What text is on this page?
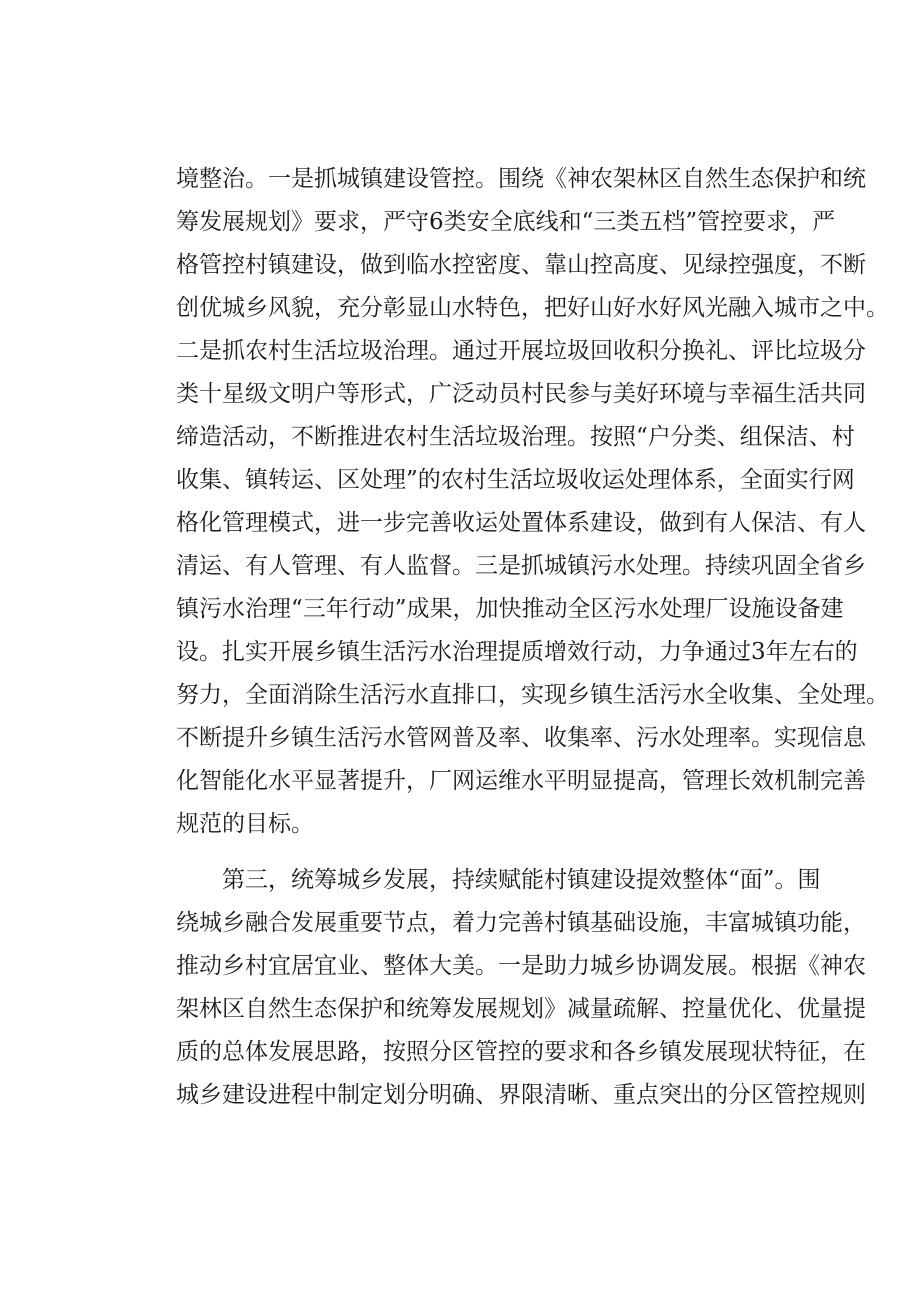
境整治。一是抓城镇建设管控。围绕《神农架林区自然生态保护和统
筹发展规划》要求，严守6类安全底线和“三类五档”管控要求，严
格管控村镇建设，做到临水控密度、靠山控高度、见绿控强度，不断
创优城乡风貌，充分彰显山水特色，把好山好水好风光融入城市之中。
二是抓农村生活垃圾治理。通过开展垃圾回收积分换礼、评比垃圾分
类十星级文明户等形式，广泛动员村民参与美好环境与幸福生活共同
缔造活动，不断推进农村生活垃圾治理。按照“户分类、组保洁、村
收集、镇转运、区处理”的农村生活垃圾收运处理体系，全面实行网
格化管理模式，进一步完善收运处置体系建设，做到有人保洁、有人
清运、有人管理、有人监督。三是抓城镇污水处理。持续巩固全省乡
镇污水治理“三年行动”成果，加快推动全区污水处理厂设施设备建
设。扎实开展乡镇生活污水治理提质增效行动，力争通过3年左右的
努力，全面消除生活污水直排口，实现乡镇生活污水全收集、全处理。
不断提升乡镇生活污水管网普及率、收集率、污水处理率。实现信息
化智能化水平显著提升，厂网运维水平明显提高，管理长效机制完善
规范的目标。
第三，统筹城乡发展，持续赋能村镇建设提效整体“面”。围
绕城乡融合发展重要节点，着力完善村镇基础设施，丰富城镇功能，
推动乡村宜居宜业、整体大美。一是助力城乡协调发展。根据《神农
架林区自然生态保护和统筹发展规划》减量疏解、控量优化、优量提
质的总体发展思路，按照分区管控的要求和各乡镇发展现状特征，在
城乡建设进程中制定划分明确、界限清晰、重点突出的分区管控规则
